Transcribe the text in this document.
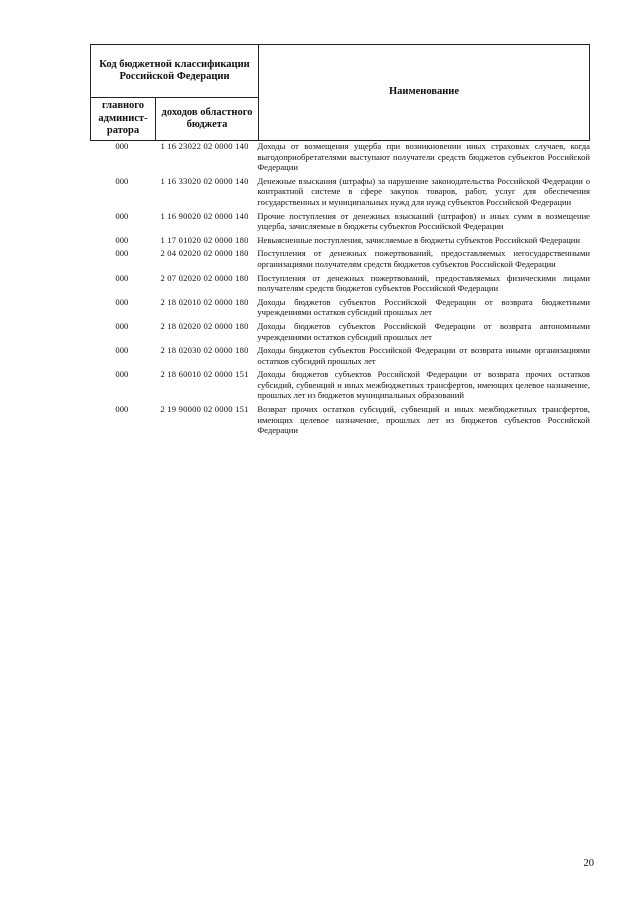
Код бюджетной классификации Российской Федерации		Наименование
главного админист-ратора	доходов областного бюджета	
000	1 16 23022 02 0000 140	Доходы от возмещения ущерба при возникновении иных страховых случаев, когда выгодоприобретателями выступают получатели средств бюджетов субъектов Российской Федерации
000	1 16 33020 02 0000 140	Денежные взыскания (штрафы) за нарушение законодательства Российской Федерации о контрактной системе в сфере закупок товаров, работ, услуг для обеспечения государственных и муниципальных нужд для нужд субъектов Российской Федерации
000	1 16 90020 02 0000 140	Прочие поступления от денежных взысканий (штрафов) и иных сумм в возмещение ущерба, зачисляемые в бюджеты субъектов Российской Федерации
000	1 17 01020 02 0000 180	Невыясненные поступления, зачисляемые в бюджеты субъектов Российской Федерации
000	2 04 02020 02 0000 180	Поступления от денежных пожертвований, предоставляемых негосударственными организациями получателям средств бюджетов субъектов Российской Федерации
000	2 07 02020 02 0000 180	Поступления от денежных пожертвований, предоставляемых физическими лицами получателям средств бюджетов субъектов Российской Федерации
000	2 18 02010 02 0000 180	Доходы бюджетов субъектов Российской Федерации от возврата бюджетными учреждениями остатков субсидий прошлых лет
000	2 18 02020 02 0000 180	Доходы бюджетов субъектов Российской Федерации от возврата автономными учреждениями остатков субсидий прошлых лет
000	2 18 02030 02 0000 180	Доходы бюджетов субъектов Российской Федерации от возврата иными организациями остатков субсидий прошлых лет
000	2 18 60010 02 0000 151	Доходы бюджетов субъектов Российской Федерации от возврата прочих остатков субсидий, субвенций и иных межбюджетных трансфертов, имеющих целевое назначение, прошлых лет из бюджетов муниципальных образований
000	2 19 90000 02 0000 151	Возврат прочих остатков субсидий, субвенций и иных межбюджетных трансфертов, имеющих целевое назначение, прошлых лет из бюджетов субъектов Российской Федерации
20
